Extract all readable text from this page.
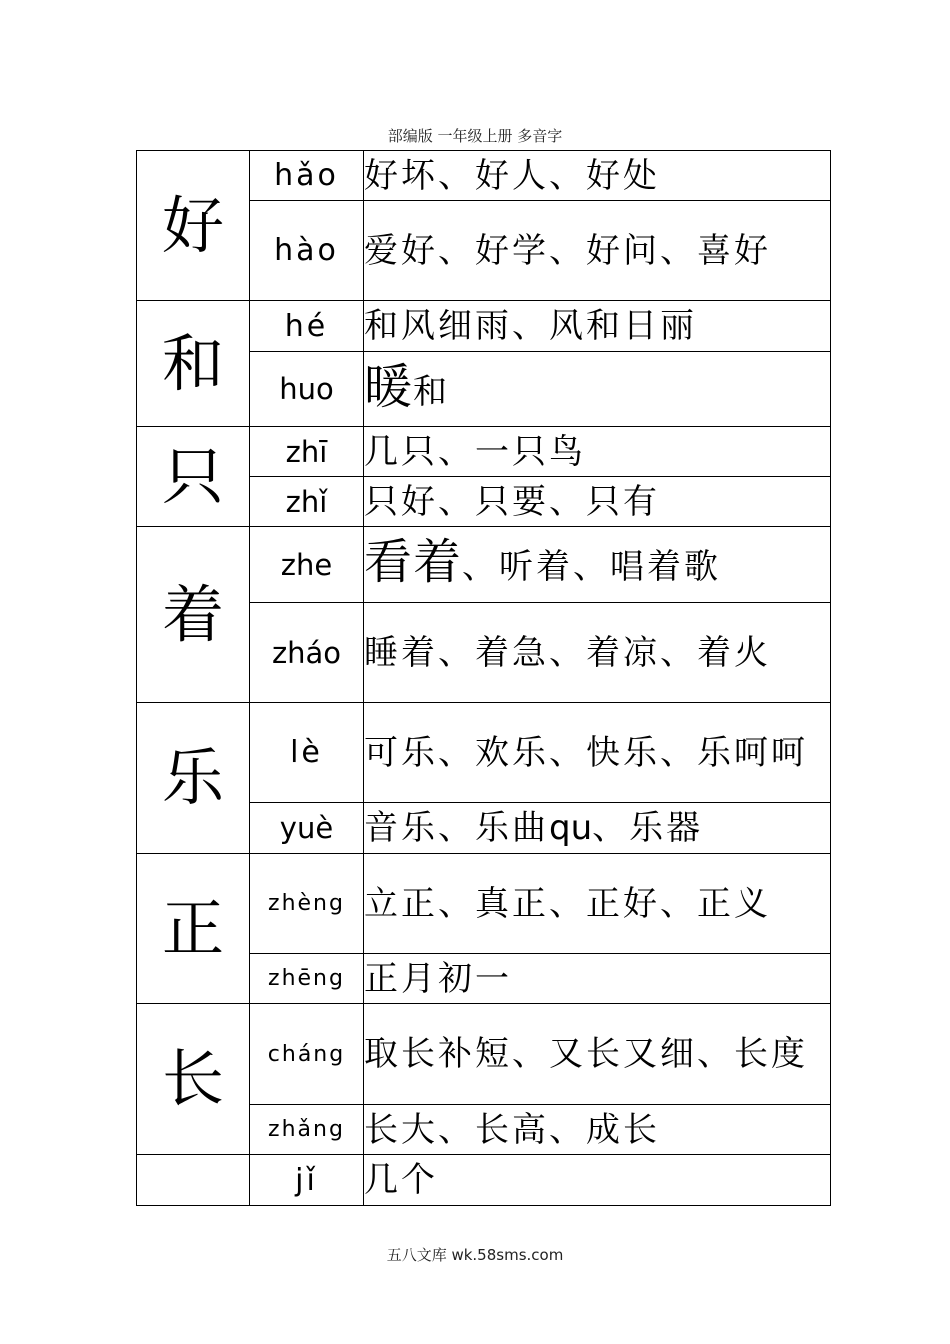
部编版 一年级上册 多音字
好	hǎo	好坏、好人、好处
	hào	爱好、好学、好问、喜好
和	hé	和风细雨、风和日丽
	huo	暖和
只	zhī	几只、一只鸟
	zhǐ	只好、只要、只有
着	zhe	看着、听着、唱着歌
	zháo	睡着、着急、着凉、着火
乐	lè	可乐、欢乐、快乐、乐呵呵
	yuè	音乐、乐曲qu、乐器
正	zhèng	立正、真正、正好、正义
	zhēng	正月初一
长	cháng	取长补短、又长又细、长度
	zhǎng	长大、长高、成长
	jǐ	几个
五八文库 wk.58sms.com
